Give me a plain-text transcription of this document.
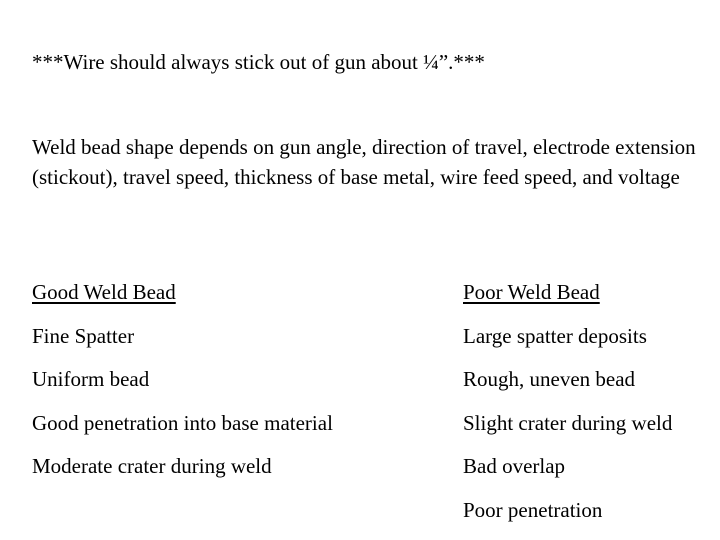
***Wire should always stick out of gun about ¼”.***
Weld bead shape depends on gun angle, direction of travel, electrode extension (stickout), travel speed, thickness of base metal, wire feed speed, and voltage
Good Weld Bead
Fine Spatter
Uniform bead
Good penetration into base material
Moderate crater during weld
Poor Weld Bead
Large spatter deposits
Rough, uneven bead
Slight crater during weld
Bad overlap
Poor penetration
